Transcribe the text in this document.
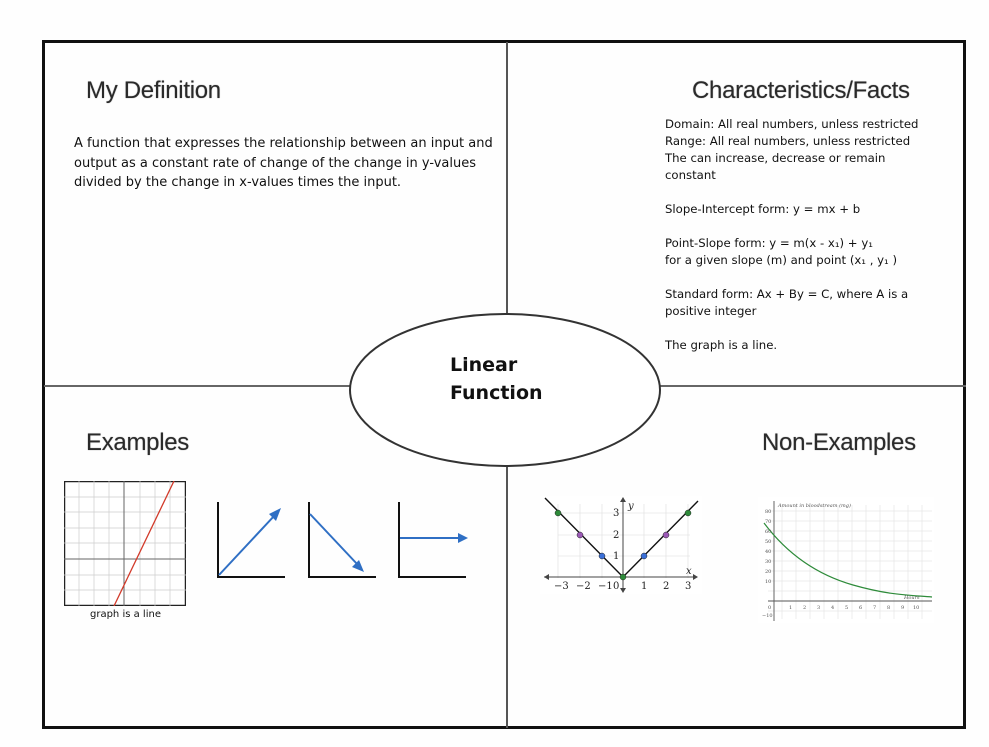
My Definition	Characteristics/Facts
Examples	Non-Examples
A function that expresses the relationship between an input and
output as a constant rate of change of the change in y-values
divided by the change in x-values times the input.
Domain: All real numbers, unless restricted
Range: All real numbers, unless restricted
The can increase, decrease or remain
constant
Slope-Intercept form: y = mx + b
Point-Slope form: y = m(x - x₁) + y₁
for a given slope (m) and point (x₁ , y₁ )
Standard form: Ax + By = C, where A is a
positive integer
The graph is a line.
Linear
Function
graph is a line
y
x
3
2
1
−3 −2 −1 0 1 2 3
Amount in bloodstream (mg)
Hours
80
70
60
50
40
30
20
10
0
−10
1 2 3 4 5 6 7 8 9 10
